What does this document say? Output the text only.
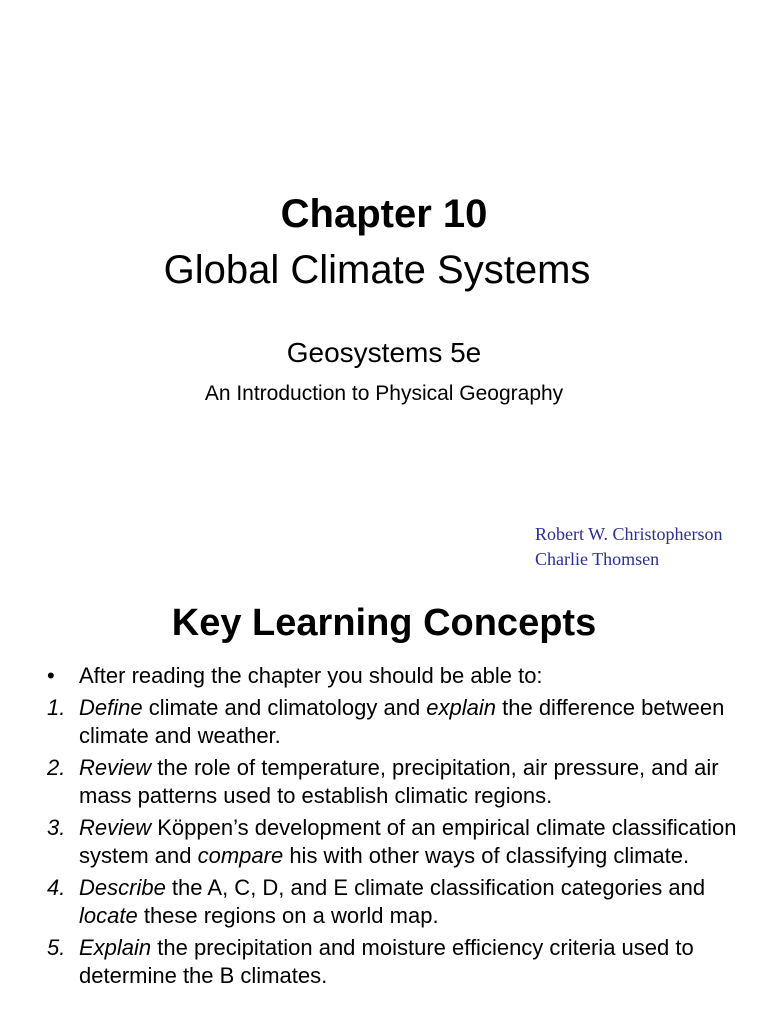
Chapter 10
Global Climate Systems
Geosystems 5e
An Introduction to Physical Geography
Robert W. Christopherson
Charlie Thomsen
Key Learning Concepts
• After reading the chapter you should be able to:
1. Define climate and climatology and explain the difference between climate and weather.
2. Review the role of temperature, precipitation, air pressure, and air mass patterns used to establish climatic regions.
3. Review Köppen’s development of an empirical climate classification system and compare his with other ways of classifying climate.
4. Describe the A, C, D, and E climate classification categories and locate these regions on a world map.
5. Explain the precipitation and moisture efficiency criteria used to determine the B climates.
